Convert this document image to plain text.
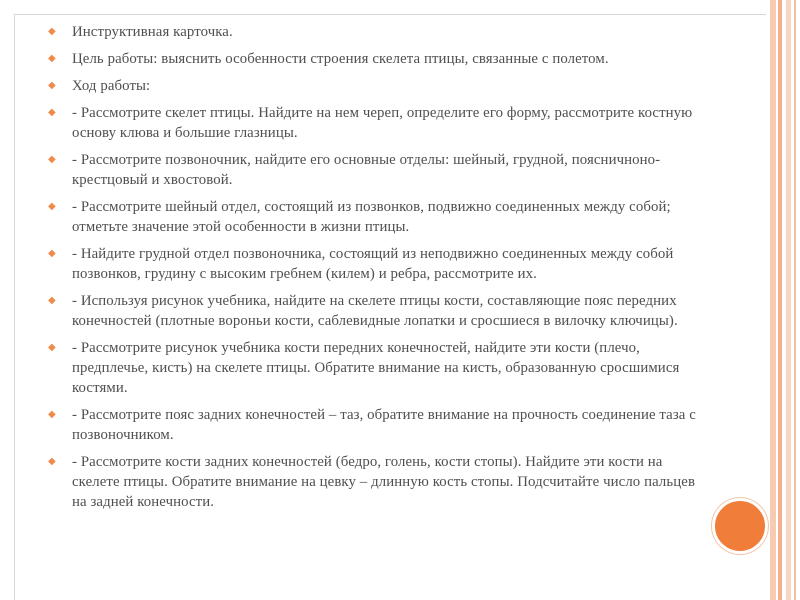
◆	Инструктивная карточка.
◆	Цель работы: выяснить особенности строения скелета птицы, связанные с полетом.
◆	Ход работы:
◆	- Рассмотрите скелет птицы. Найдите на нем череп, определите его форму, рассмотрите костную основу клюва и большие глазницы.
◆	- Рассмотрите позвоночник, найдите его основные отделы: шейный, грудной, поясничноно-крестцовый и хвостовой.
◆	- Рассмотрите шейный отдел, состоящий из позвонков, подвижно соединенных между собой; отметьте значение этой особенности в жизни птицы.
◆	- Найдите грудной отдел позвоночника, состоящий из неподвижно соединенных между собой позвонков, грудину с высоким гребнем (килем) и ребра, рассмотрите их.
◆	- Используя рисунок учебника, найдите на скелете птицы кости, составляющие пояс передних конечностей (плотные вороньи кости, саблевидные лопатки и сросшиеся в вилочку ключицы).
◆	- Рассмотрите рисунок учебника кости передних конечностей, найдите эти кости (плечо, предплечье, кисть) на скелете птицы. Обратите внимание на кисть, образованную сросшимися костями.
◆	- Рассмотрите пояс задних конечностей – таз, обратите внимание на прочность соединение таза с позвоночником.
◆	- Рассмотрите кости задних конечностей (бедро, голень, кости стопы). Найдите эти кости на скелете птицы. Обратите внимание на цевку – длинную кость стопы. Подсчитайте число пальцев на задней конечности.
